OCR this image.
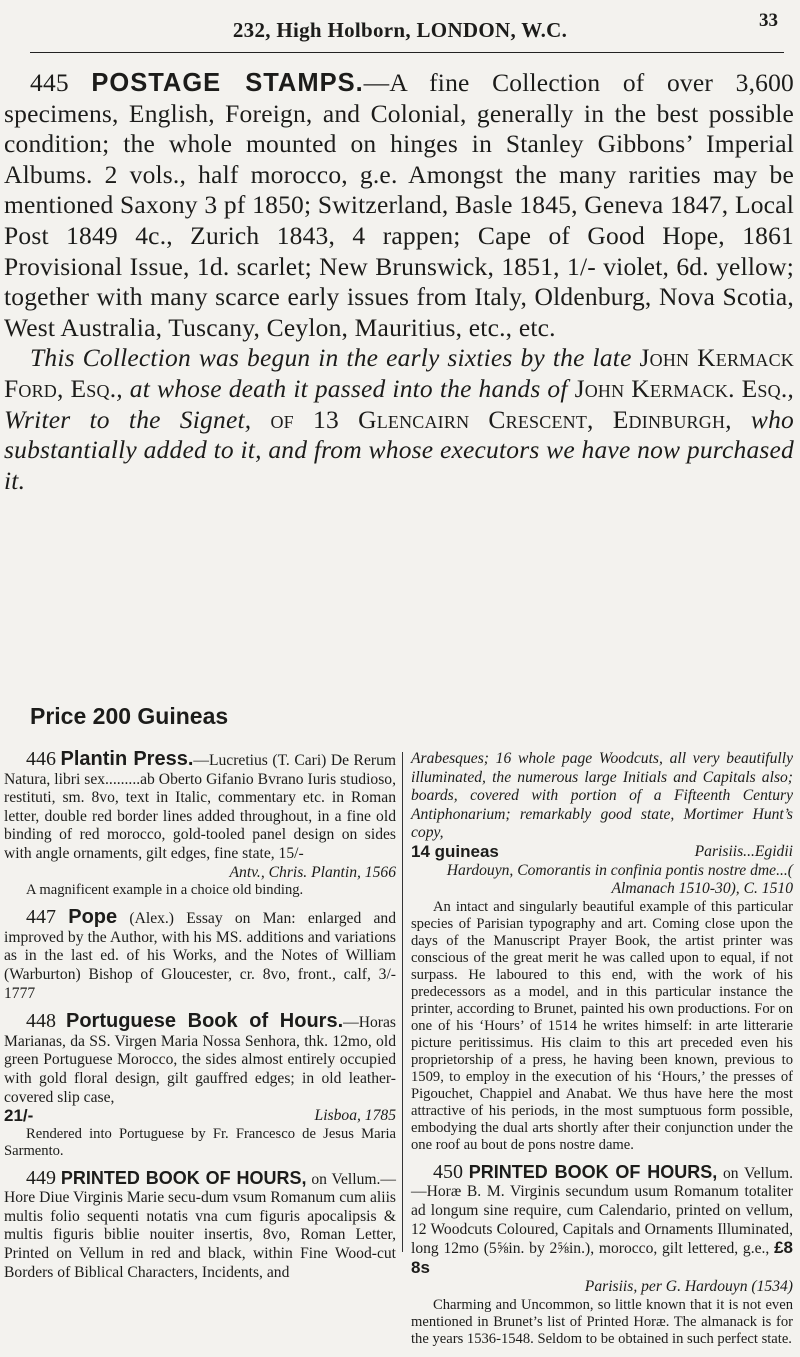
232, High Holborn, LONDON, W.C.	33

445 POSTAGE STAMPS.—A fine Collection of over 3,600 specimens, English, Foreign, and Colonial, generally in the best possible condition; the whole mounted on hinges in Stanley Gibbons’ Imperial Albums. 2 vols., half morocco, g.e. Amongst the many rarities may be mentioned Saxony 3 pf 1850; Switzerland, Basle 1845, Geneva 1847, Local Post 1849 4c., Zurich 1843, 4 rappen; Cape of Good Hope, 1861 Provisional Issue, 1d. scarlet; New Brunswick, 1851, 1/- violet, 6d. yellow; together with many scarce early issues from Italy, Oldenburg, Nova Scotia, West Australia, Tuscany, Ceylon, Mauritius, etc., etc.

This Collection was begun in the early sixties by the late John Kermack Ford, Esq., at whose death it passed into the hands of John Kermack. Esq., Writer to the Signet, of 13 Glencairn Crescent, Edinburgh, who substantially added to it, and from whose executors we have now purchased it.

Price 200 Guineas

446 Plantin Press.—Lucretius (T. Cari) De Rerum Natura, libri sex.........ab Oberto Gifanio Bvrano Iuris studioso, restituti, sm. 8vo, text in Italic, commentary etc. in Roman letter, double red border lines added throughout, in a fine old binding of red morocco, gold-tooled panel design on sides with angle ornaments, gilt edges, fine state, 15/-

Antv., Chris. Plantin, 1566

A magnificent example in a choice old binding.

447 Pope (Alex.) Essay on Man: enlarged and improved by the Author, with his MS. additions and variations as in the last ed. of his Works, and the Notes of William (Warburton) Bishop of Gloucester, cr. 8vo, front., calf, 3/- 1777

448 Portuguese Book of Hours.—Horas Marianas, da SS. Virgen Maria Nossa Senhora, thk. 12mo, old green Portuguese Morocco, the sides almost entirely occupied with gold floral design, gilt gauffred edges; in old leather-covered slip case,

21/-	Lisboa, 1785

Rendered into Portuguese by Fr. Francesco de Jesus Maria Sarmento.

449 PRINTED BOOK OF HOURS, on Vellum.—Hore Diue Virginis Marie secu-dum vsum Romanum cum aliis multis folio sequenti notatis vna cum figuris apocalipsis & multis figuris biblie nouiter insertis, 8vo, Roman Letter, Printed on Vellum in red and black, within Fine Wood-cut Borders of Biblical Characters, Incidents, and

Arabesques; 16 whole page Woodcuts, all very beautifully illuminated, the numerous large Initials and Capitals also; boards, covered with portion of a Fifteenth Century Antiphonarium; remarkably good state, Mortimer Hunt’s copy,

14 guineas	Parisiis...Egidii

Hardouyn, Comorantis in confinia pontis nostre dme...( Almanach 1510-30), C. 1510

An intact and singularly beautiful example of this particular species of Parisian typography and art. Coming close upon the days of the Manuscript Prayer Book, the artist printer was conscious of the great merit he was called upon to equal, if not surpass. He laboured to this end, with the work of his predecessors as a model, and in this particular instance the printer, according to Brunet, painted his own productions. For on one of his ‘Hours’ of 1514 he writes himself: in arte litterarie picture peritissimus. His claim to this art preceded even his proprietorship of a press, he having been known, previous to 1509, to employ in the execution of his ‘Hours,’ the presses of Pigouchet, Chappiel and Anabat. We thus have here the most attractive of his periods, in the most sumptuous form possible, embodying the dual arts shortly after their conjunction under the one roof au bout de pons nostre dame.

450 PRINTED BOOK OF HOURS, on Vellum.—Horæ B. M. Virginis secundum usum Romanum totaliter ad longum sine require, cum Calendario, printed on vellum, 12 Woodcuts Coloured, Capitals and Ornaments Illuminated, long 12mo (5⅝in. by 2⅝in.), morocco, gilt lettered, g.e., £8 8s

Parisiis, per G. Hardouyn (1534)

Charming and Uncommon, so little known that it is not even mentioned in Brunet’s list of Printed Horæ. The almanack is for the years 1536-1548. Seldom to be obtained in such perfect state.
